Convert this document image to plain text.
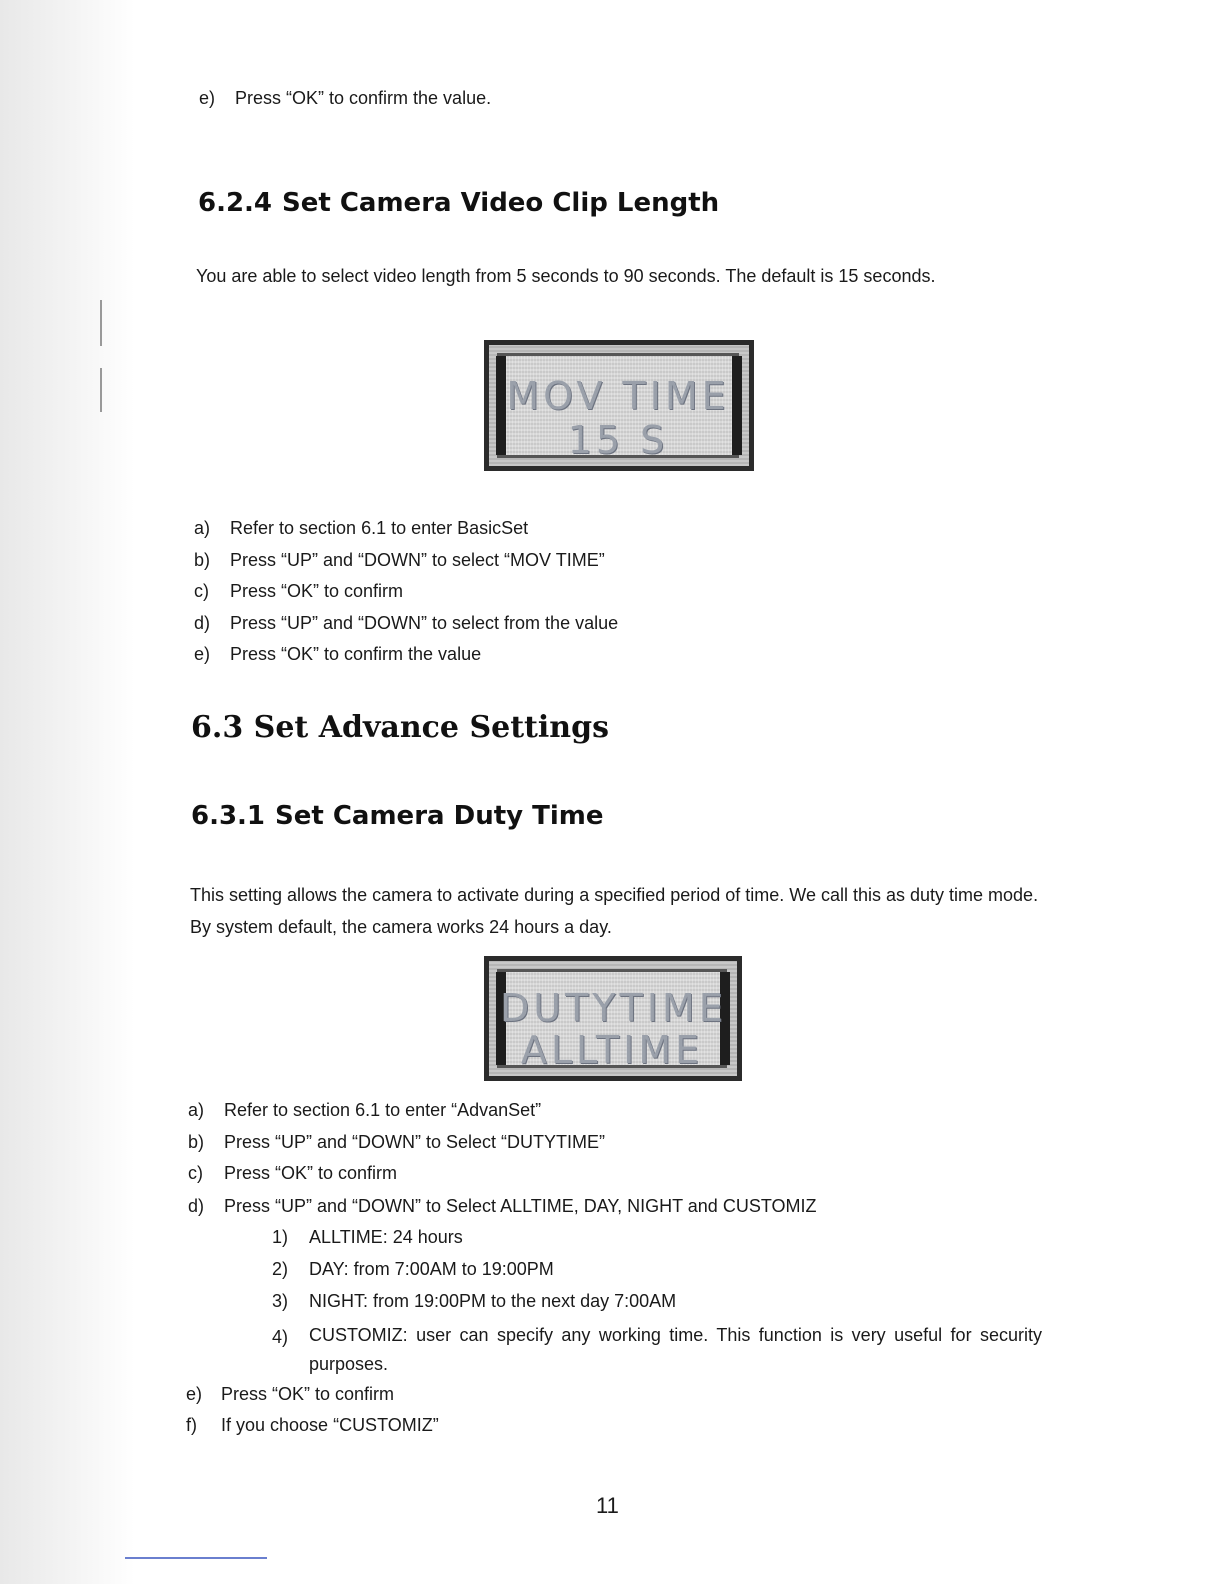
e) Press “OK” to confirm the value.
6.2.4 Set Camera Video Clip Length
You are able to select video length from 5 seconds to 90 seconds. The default is 15 seconds.
MOV TIME
15 S
a) Refer to section 6.1 to enter BasicSet
b) Press “UP” and “DOWN” to select “MOV TIME”
c) Press “OK” to confirm
d) Press “UP” and “DOWN” to select from the value
e) Press “OK” to confirm the value
6.3 Set Advance Settings
6.3.1 Set Camera Duty Time
This setting allows the camera to activate during a specified period of time. We call this as duty time mode. By system default, the camera works 24 hours a day.
DUTYTIME
ALLTIME
a) Refer to section 6.1 to enter “AdvanSet”
b) Press “UP” and “DOWN” to Select “DUTYTIME”
c) Press “OK” to confirm
d) Press “UP” and “DOWN” to Select ALLTIME, DAY, NIGHT and CUSTOMIZ
1) ALLTIME: 24 hours
2) DAY: from 7:00AM to 19:00PM
3) NIGHT: from 19:00PM to the next day 7:00AM
4) CUSTOMIZ: user can specify any working time. This function is very useful for security purposes.
e) Press “OK” to confirm
f) If you choose “CUSTOMIZ”
11
